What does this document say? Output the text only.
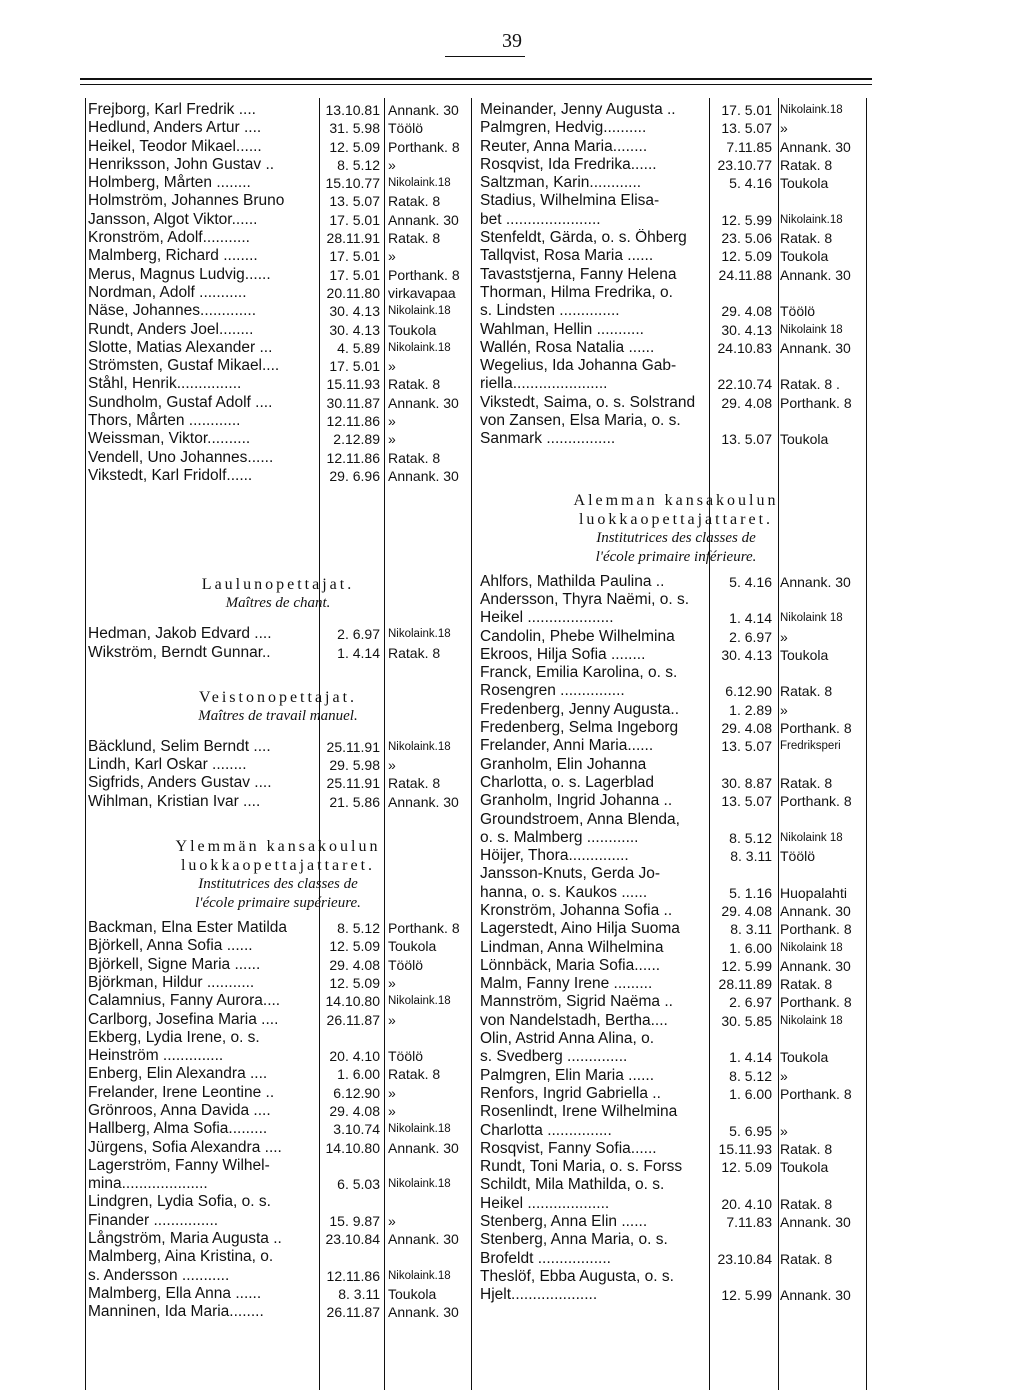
39
Frejborg, Karl Fredrik ....	13.10.81 Annank. 30
Hedlund, Anders Artur ....	31. 5.98 Töölö
Heikel, Teodor Mikael......	12. 5.09 Porthank. 8
Henriksson, John Gustav ..	8. 5.12 »
Holmberg, Mårten ........	15.10.77 Nikolaink.18
Holmström, Johannes Bruno	13. 5.07 Ratak. 8
Jansson, Algot Viktor......	17. 5.01 Annank. 30
Kronström, Adolf...........	28.11.91 Ratak. 8
Malmberg, Richard ........	17. 5.01 »
Merus, Magnus Ludvig......	17. 5.01 Porthank. 8
Nordman, Adolf ...........	20.11.80 virkavapaa
Näse, Johannes.............	30. 4.13 Nikolaink.18
Rundt, Anders Joel........	30. 4.13 Toukola
Slotte, Matias Alexander ...	4. 5.89 Nikolaink.18
Strömsten, Gustaf Mikael....	17. 5.01 »
Ståhl, Henrik...............	15.11.93 Ratak. 8
Sundholm, Gustaf Adolf ....	30.11.87 Annank. 30
Thors, Mårten ............	12.11.86 »
Weissman, Viktor..........	2.12.89 »
Vendell, Uno Johannes......	12.11.86 Ratak. 8
Vikstedt, Karl Fridolf......	29. 6.96 Annank. 30
Laulunopettajat.
Maîtres de chant.
Hedman, Jakob Edvard ....	2. 6.97 Nikolaink.18
Wikström, Berndt Gunnar..	1. 4.14 Ratak. 8
Veistonopettajat.
Maîtres de travail manuel.
Bäcklund, Selim Berndt ....	25.11.91 Nikolaink.18
Lindh, Karl Oskar ........	29. 5.98 »
Sigfrids, Anders Gustav ....	25.11.91 Ratak. 8
Wihlman, Kristian Ivar ....	21. 5.86 Annank. 30
Ylemmän kansakoulun
luokkaopettajattaret.
Institutrices des classes de
l'école primaire supérieure.
Backman, Elna Ester Matilda	8. 5.12 Porthank. 8
Björkell, Anna Sofia ......	12. 5.09 Toukola
Björkell, Signe Maria ......	29. 4.08 Töölö
Björkman, Hildur ...........	12. 5.09 »
Calamnius, Fanny Aurora....	14.10.80 Nikolaink.18
Carlborg, Josefina Maria ....	26.11.87 »
Ekberg, Lydia Irene, o. s.
Heinström ..............	20. 4.10 Töölö
Enberg, Elin Alexandra ....	1. 6.00 Ratak. 8
Frelander, Irene Leontine ..	6.12.90 »
Grönroos, Anna Davida ....	29. 4.08 »
Hallberg, Alma Sofia.........	3.10.74 Nikolaink.18
Jürgens, Sofia Alexandra ....	14.10.80 Annank. 30
Lagerström, Fanny Wilhel-
mina....................	6. 5.03 Nikolaink.18
Lindgren, Lydia Sofia, o. s.
Finander ...............	15. 9.87 »
Långström, Maria Augusta ..	23.10.84 Annank. 30
Malmberg, Aina Kristina, o.
s. Andersson ...........	12.11.86 Nikolaink.18
Malmberg, Ella Anna ......	8. 3.11 Toukola
Manninen, Ida Maria........	26.11.87 Annank. 30
Meinander, Jenny Augusta ..	17. 5.01 Nikolaink.18
Palmgren, Hedvig..........	13. 5.07 »
Reuter, Anna Maria........	7.11.85 Annank. 30
Rosqvist, Ida Fredrika......	23.10.77 Ratak. 8
Saltzman, Karin............	5. 4.16 Toukola
Stadius, Wilhelmina Elisa-
bet ......................	12. 5.99 Nikolaink.18
Stenfeldt, Gärda, o. s. Öhberg	23. 5.06 Ratak. 8
Tallqvist, Rosa Maria ......	12. 5.09 Toukola
Tavaststjerna, Fanny Helena	24.11.88 Annank. 30
Thorman, Hilma Fredrika, o.
s. Lindsten ..............	29. 4.08 Töölö
Wahlman, Hellin ...........	30. 4.13 Nikolaink 18
Wallén, Rosa Natalia ......	24.10.83 Annank. 30
Wegelius, Ida Johanna Gab-
riella......................	22.10.74 Ratak. 8 .
Vikstedt, Saima, o. s. Solstrand	29. 4.08 Porthank. 8
von Zansen, Elsa Maria, o. s.
Sanmark ................	13. 5.07 Toukola
Alemman kansakoulun
luokkaopettajattaret.
Institutrices des classes de
l'école primaire inférieure.
Ahlfors, Mathilda Paulina ..	5. 4.16 Annank. 30
Andersson, Thyra Naëmi, o. s.
Heikel ....................	1. 4.14 Nikolaink 18
Candolin, Phebe Wilhelmina	2. 6.97 »
Ekroos, Hilja Sofia ........	30. 4.13 Toukola
Franck, Emilia Karolina, o. s.
Rosengren ...............	6.12.90 Ratak. 8
Fredenberg, Jenny Augusta..	1. 2.89 »
Fredenberg, Selma Ingeborg	29. 4.08 Porthank. 8
Frelander, Anni Maria......	13. 5.07 Fredriksperi
Granholm, Elin Johanna
Charlotta, o. s. Lagerblad	30. 8.87 Ratak. 8
Granholm, Ingrid Johanna ..	13. 5.07 Porthank. 8
Groundstroem, Anna Blenda,
o. s. Malmberg ............	8. 5.12 Nikolaink 18
Höijer, Thora..............	8. 3.11 Töölö
Jansson-Knuts, Gerda Jo-
hanna, o. s. Kaukos ......	5. 1.16 Huopalahti
Kronström, Johanna Sofia ..	29. 4.08 Annank. 30
Lagerstedt, Aino Hilja Suoma	8. 3.11 Porthank. 8
Lindman, Anna Wilhelmina	1. 6.00 Nikolaink 18
Lönnbäck, Maria Sofia......	12. 5.99 Annank. 30
Malm, Fanny Irene .........	28.11.89 Ratak. 8
Mannström, Sigrid Naëma ..	2. 6.97 Porthank. 8
von Nandelstadh, Bertha....	30. 5.85 Nikolaink 18
Olin, Astrid Anna Alina, o.
s. Svedberg ..............	1. 4.14 Toukola
Palmgren, Elin Maria ......	8. 5.12 »
Renfors, Ingrid Gabriella ..	1. 6.00 Porthank. 8
Rosenlindt, Irene Wilhelmina
Charlotta ...............	5. 6.95 »
Rosqvist, Fanny Sofia......	15.11.93 Ratak. 8
Rundt, Toni Maria, o. s. Forss	12. 5.09 Toukola
Schildt, Mila Mathilda, o. s.
Heikel ...................	20. 4.10 Ratak. 8
Stenberg, Anna Elin ......	7.11.83 Annank. 30
Stenberg, Anna Maria, o. s.
Brofeldt .................	23.10.84 Ratak. 8
Theslöf, Ebba Augusta, o. s.
Hjelt....................	12. 5.99 Annank. 30
